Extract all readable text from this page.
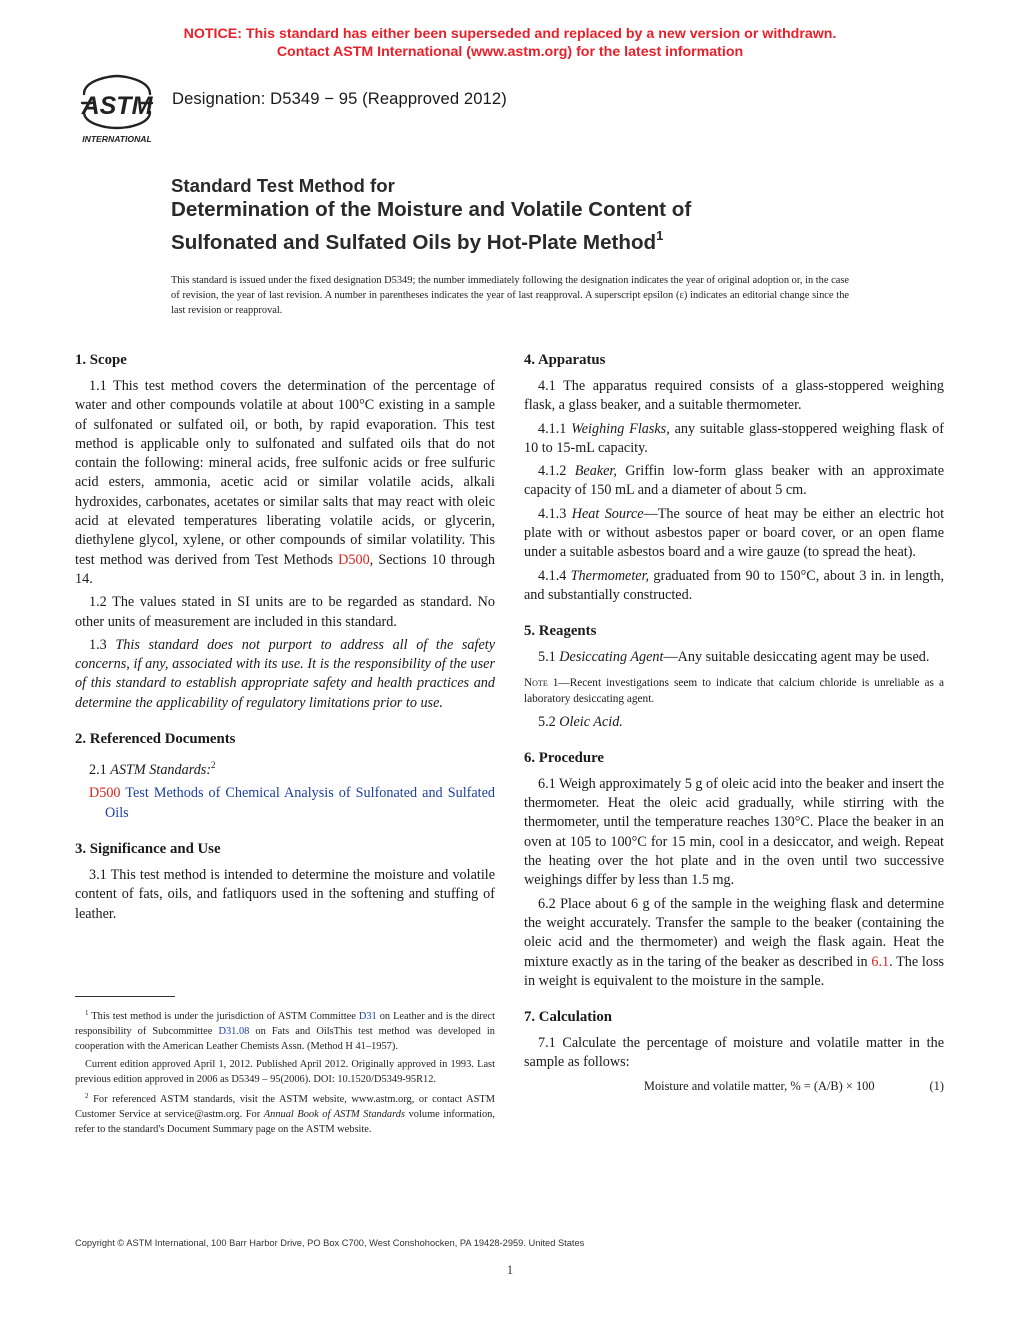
NOTICE: This standard has either been superseded and replaced by a new version or withdrawn.
Contact ASTM International (www.astm.org) for the latest information
ASTM
INTERNATIONAL
Designation: D5349 − 95 (Reapproved 2012)
Standard Test Method for
Determination of the Moisture and Volatile Content of
Sulfonated and Sulfated Oils by Hot-Plate Method$^1$
This standard is issued under the fixed designation D5349; the number immediately following the designation indicates the year of original adoption or, in the case of revision, the year of last revision. A number in parentheses indicates the year of last reapproval. A superscript epsilon (ε) indicates an editorial change since the last revision or reapproval.
1. Scope

1.1 This test method covers the determination of the percentage of water and other compounds volatile at about 100°C existing in a sample of sulfonated or sulfated oil, or both, by rapid evaporation. This test method is applicable only to sulfonated and sulfated oils that do not contain the following: mineral acids, free sulfonic acids or free sulfuric acid esters, ammonia, acetic acid or similar volatile acids, alkali hydroxides, carbonates, acetates or similar salts that may react with oleic acid at elevated temperatures liberating volatile acids, or glycerin, diethylene glycol, xylene, or other compounds of similar volatility. This test method was derived from Test Methods D500, Sections 10 through 14.

1.2 The values stated in SI units are to be regarded as standard. No other units of measurement are included in this standard.

1.3 This standard does not purport to address all of the safety concerns, if any, associated with its use. It is the responsibility of the user of this standard to establish appropriate safety and health practices and determine the applicability of regulatory limitations prior to use.

2. Referenced Documents

2.1 ASTM Standards:$^2$

D500 Test Methods of Chemical Analysis of Sulfonated and Sulfated Oils

3. Significance and Use

3.1 This test method is intended to determine the moisture and volatile content of fats, oils, and fatliquors used in the softening and stuffing of leather.

4. Apparatus

4.1 The apparatus required consists of a glass-stoppered weighing flask, a glass beaker, and a suitable thermometer.

4.1.1 Weighing Flasks, any suitable glass-stoppered weighing flask of 10 to 15-mL capacity.

4.1.2 Beaker, Griffin low-form glass beaker with an approximate capacity of 150 mL and a diameter of about 5 cm.

4.1.3 Heat Source—The source of heat may be either an electric hot plate with or without asbestos paper or board cover, or an open flame under a suitable asbestos board and a wire gauze (to spread the heat).

4.1.4 Thermometer, graduated from 90 to 150°C, about 3 in. in length, and substantially constructed.

5. Reagents

5.1 Desiccating Agent—Any suitable desiccating agent may be used.

Note 1—Recent investigations seem to indicate that calcium chloride is unreliable as a laboratory desiccating agent.

5.2 Oleic Acid.

6. Procedure

6.1 Weigh approximately 5 g of oleic acid into the beaker and insert the thermometer. Heat the oleic acid gradually, while stirring with the thermometer, until the temperature reaches 130°C. Place the beaker in an oven at 105 to 100°C for 15 min, cool in a desiccator, and weigh. Repeat the heating over the hot plate and in the oven until two successive weighings differ by less than 1.5 mg.

6.2 Place about 6 g of the sample in the weighing flask and determine the weight accurately. Transfer the sample to the beaker (containing the oleic acid and the thermometer) and weigh the flask again. Heat the mixture exactly as in the taring of the beaker as described in 6.1. The loss in weight is equivalent to the moisture in the sample.

7. Calculation

7.1 Calculate the percentage of moisture and volatile matter in the sample as follows:

Moisture and volatile matter, % = (A/B) × 100	(1)

$^1$ This test method is under the jurisdiction of ASTM Committee D31 on Leather and is the direct responsibility of Subcommittee D31.08 on Fats and OilsThis test method was developed in cooperation with the American Leather Chemists Assn. (Method H 41–1957).

Current edition approved April 1, 2012. Published April 2012. Originally approved in 1993. Last previous edition approved in 2006 as D5349 – 95(2006). DOI: 10.1520/D5349-95R12.

$^2$ For referenced ASTM standards, visit the ASTM website, www.astm.org, or contact ASTM Customer Service at service@astm.org. For Annual Book of ASTM Standards volume information, refer to the standard's Document Summary page on the ASTM website.

Copyright © ASTM International, 100 Barr Harbor Drive, PO Box C700, West Conshohocken, PA 19428-2959. United States
1
